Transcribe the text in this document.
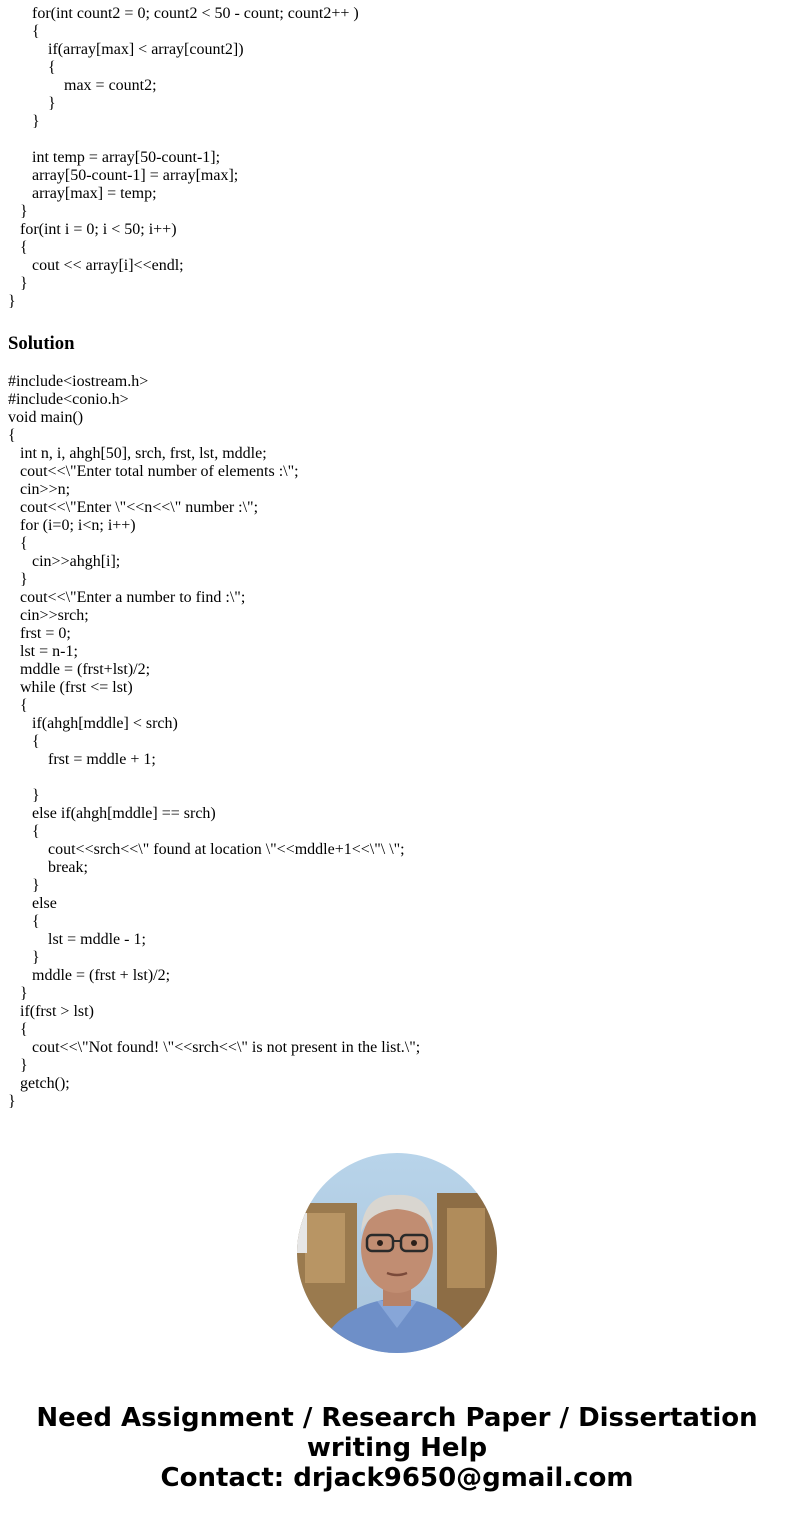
for(int count2 = 0; count2 < 50 - count; count2++ )
{
if(array[max] < array[count2])
{
max = count2;
}
}
int temp = array[50-count-1];
array[50-count-1] = array[max];
array[max] = temp;
}
for(int i = 0; i < 50; i++)
{
cout << array[i]<<endl;
}
}
Solution
#include<iostream.h>
#include<conio.h>
void main()
{
int n, i, ahgh[50], srch, frst, lst, mddle;
cout<<\"Enter total number of elements :\";
cin>>n;
cout<<\"Enter \"<<n<<\" number :\";
for (i=0; i<n; i++)
{
cin>>ahgh[i];
}
cout<<\"Enter a number to find :\";
cin>>srch;
frst = 0;
lst = n-1;
mddle = (frst+lst)/2;
while (frst <= lst)
{
if(ahgh[mddle] < srch)
{
frst = mddle + 1;
}
else if(ahgh[mddle] == srch)
{
cout<<srch<<\" found at location \"<<mddle+1<<\"\ \";
break;
}
else
{
lst = mddle - 1;
}
mddle = (frst + lst)/2;
}
if(frst > lst)
{
cout<<\"Not found! \"<<srch<<\" is not present in the list.\";
}
getch();
}
Need Assignment / Research Paper / Dissertation
writing Help
Contact: drjack9650@gmail.com
